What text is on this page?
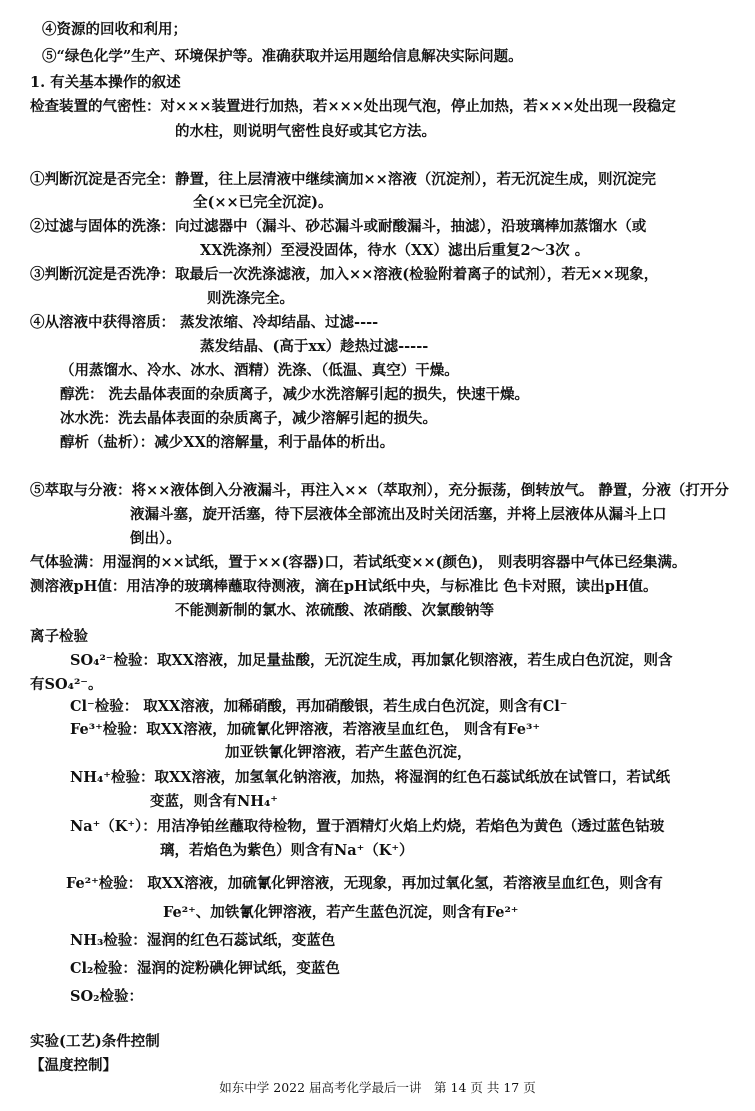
④资源的回收和利用；
⑤“绿色化学”生产、环境保护等。准确获取并运用题给信息解决实际问题。
1. 有关基本操作的叙述
检查装置的气密性：对×××装置进行加热，若×××处出现气泡，停止加热，若×××处出现一段稳定
的水柱，则说明气密性良好或其它方法。
①判断沉淀是否完全：静置，往上层清液中继续滴加××溶液（沉淀剂），若无沉淀生成，则沉淀完
全(××已完全沉淀)。
②过滤与固体的洗涤：向过滤器中（漏斗、砂芯漏斗或耐酸漏斗，抽滤），沿玻璃棒加蒸馏水（或
XX洗涤剂）至浸没固体，待水（XX）滤出后重复2～3次 。
③判断沉淀是否洗净：取最后一次洗涤滤液，加入××溶液(检验附着离子的试剂），若无××现象，
则洗涤完全。
④从溶液中获得溶质： 蒸发浓缩、冷却结晶、过滤----
蒸发结晶、(高于xx）趁热过滤-----
（用蒸馏水、冷水、冰水、酒精）洗涤、（低温、真空）干燥。
醇洗： 洗去晶体表面的杂质离子，减少水洗溶解引起的损失，快速干燥。
冰水洗：洗去晶体表面的杂质离子，减少溶解引起的损失。
醇析（盐析）：减少XX的溶解量，利于晶体的析出。
⑤萃取与分液：将××液体倒入分液漏斗，再注入××（萃取剂），充分振荡，倒转放气。 静置，分液（打开分
液漏斗塞，旋开活塞，待下层液体全部流出及时关闭活塞，并将上层液体从漏斗上口
倒出）。
气体验满：用湿润的××试纸，置于××(容器)口，若试纸变××(颜色)， 则表明容器中气体已经集满。
测溶液pH值：用洁净的玻璃棒蘸取待测液，滴在pH试纸中央，与标准比 色卡对照，读出pH值。
不能测新制的氯水、浓硫酸、浓硝酸、次氯酸钠等
离子检验
SO₄²⁻检验：取XX溶液，加足量盐酸，无沉淀生成，再加氯化钡溶液，若生成白色沉淀，则含
有SO₄²⁻。
Cl⁻检验： 取XX溶液，加稀硝酸，再加硝酸银，若生成白色沉淀，则含有Cl⁻
Fe³⁺检验：取XX溶液，加硫氰化钾溶液，若溶液呈血红色， 则含有Fe³⁺
加亚铁氰化钾溶液，若产生蓝色沉淀，
NH₄⁺检验：取XX溶液，加氢氧化钠溶液，加热，将湿润的红色石蕊试纸放在试管口，若试纸
变蓝，则含有NH₄⁺
Na⁺（K⁺）：用洁净铂丝蘸取待检物，置于酒精灯火焰上灼烧，若焰色为黄色（透过蓝色钴玻
璃，若焰色为紫色）则含有Na⁺（K⁺）
Fe²⁺检验： 取XX溶液，加硫氰化钾溶液，无现象，再加过氧化氢，若溶液呈血红色，则含有
Fe²⁺、加铁氰化钾溶液，若产生蓝色沉淀，则含有Fe²⁺
NH₃检验：湿润的红色石蕊试纸，变蓝色
Cl₂检验：湿润的淀粉碘化钾试纸，变蓝色
SO₂检验：
实验(工艺)条件控制
【温度控制】
如东中学 2022 届高考化学最后一讲　第 14 页 共 17 页
